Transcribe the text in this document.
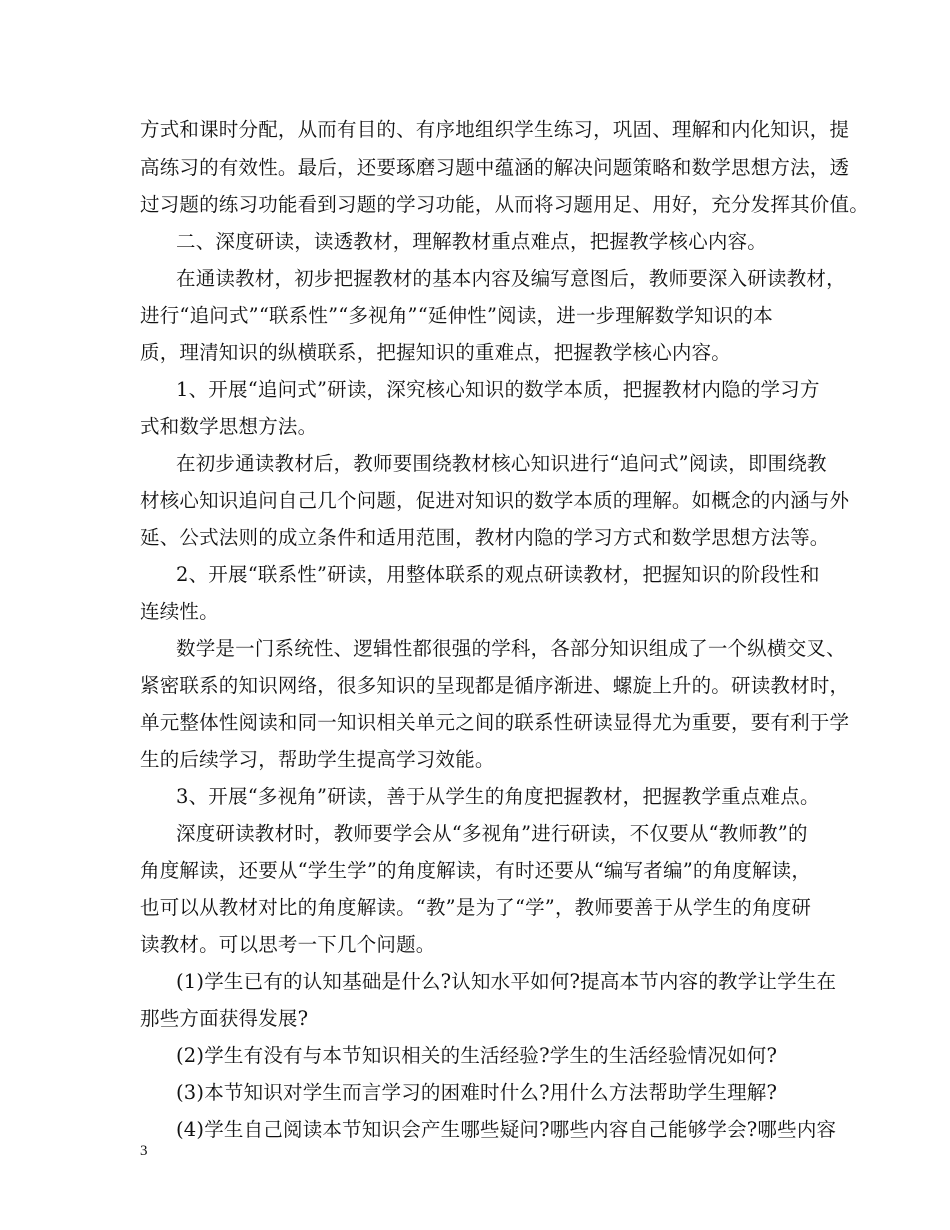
方式和课时分配，从而有目的、有序地组织学生练习，巩固、理解和内化知识，提
高练习的有效性。最后，还要琢磨习题中蕴涵的解决问题策略和数学思想方法，透
过习题的练习功能看到习题的学习功能，从而将习题用足、用好，充分发挥其价值。
二、深度研读，读透教材，理解教材重点难点，把握教学核心内容。
在通读教材，初步把握教材的基本内容及编写意图后，教师要深入研读教材，
进行“追问式”“联系性”“多视角”“延伸性”阅读，进一步理解数学知识的本
质，理清知识的纵横联系，把握知识的重难点，把握教学核心内容。
1、开展“追问式”研读，深究核心知识的数学本质，把握教材内隐的学习方
式和数学思想方法。
在初步通读教材后，教师要围绕教材核心知识进行“追问式”阅读，即围绕教
材核心知识追问自己几个问题，促进对知识的数学本质的理解。如概念的内涵与外
延、公式法则的成立条件和适用范围，教材内隐的学习方式和数学思想方法等。
2、开展“联系性”研读，用整体联系的观点研读教材，把握知识的阶段性和
连续性。
数学是一门系统性、逻辑性都很强的学科，各部分知识组成了一个纵横交叉、
紧密联系的知识网络，很多知识的呈现都是循序渐进、螺旋上升的。研读教材时，
单元整体性阅读和同一知识相关单元之间的联系性研读显得尤为重要，要有利于学
生的后续学习，帮助学生提高学习效能。
3、开展“多视角”研读，善于从学生的角度把握教材，把握教学重点难点。
深度研读教材时，教师要学会从“多视角”进行研读，不仅要从“教师教”的
角度解读，还要从“学生学”的角度解读，有时还要从“编写者编”的角度解读，
也可以从教材对比的角度解读。“教”是为了“学”，教师要善于从学生的角度研
读教材。可以思考一下几个问题。
(1)学生已有的认知基础是什么?认知水平如何?提高本节内容的教学让学生在
那些方面获得发展?
(2)学生有没有与本节知识相关的生活经验?学生的生活经验情况如何?
(3)本节知识对学生而言学习的困难时什么?用什么方法帮助学生理解?
(4)学生自己阅读本节知识会产生哪些疑问?哪些内容自己能够学会?哪些内容
3
